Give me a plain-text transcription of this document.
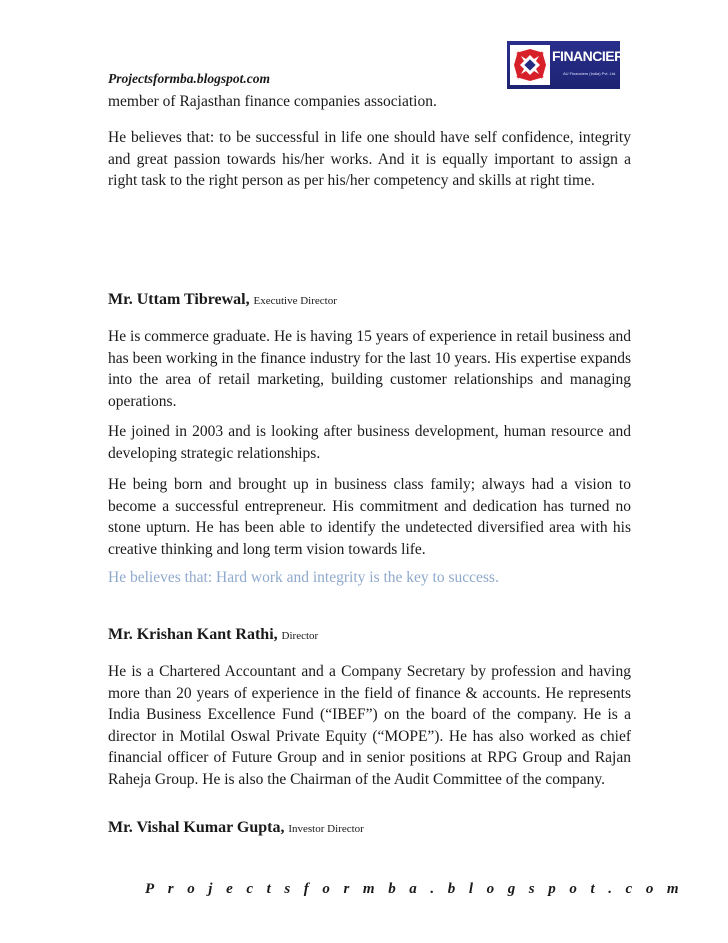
Projectsformba.blogspot.com
FINANCIERs
AU Financiers (India) Pvt. Ltd.

member of Rajasthan finance companies association.

He believes that: to be successful in life one should have self confidence, integrity and great passion towards his/her works. And it is equally important to assign a right task to the right person as per his/her competency and skills at right time.

Mr. Uttam Tibrewal, Executive Director

He is commerce graduate. He is having 15 years of experience in retail business and has been working in the finance industry for the last 10 years. His expertise expands into the area of retail marketing, building customer relationships and managing operations.

He joined in 2003 and is looking after business development, human resource and developing strategic relationships.

He being born and brought up in business class family; always had a vision to become a successful entrepreneur. His commitment and dedication has turned no stone upturn. He has been able to identify the undetected diversified area with his creative thinking and long term vision towards life.

He believes that: Hard work and integrity is the key to success.

Mr. Krishan Kant Rathi, Director

He is a Chartered Accountant and a Company Secretary by profession and having more than 20 years of experience in the field of finance & accounts. He represents India Business Excellence Fund (“IBEF”) on the board of the company. He is a director in Motilal Oswal Private Equity (“MOPE”). He has also worked as chief financial officer of Future Group and in senior positions at RPG Group and Rajan Raheja Group. He is also the Chairman of the Audit Committee of the company.

Mr. Vishal Kumar Gupta, Investor Director
Projectsformba.blogspot.com
